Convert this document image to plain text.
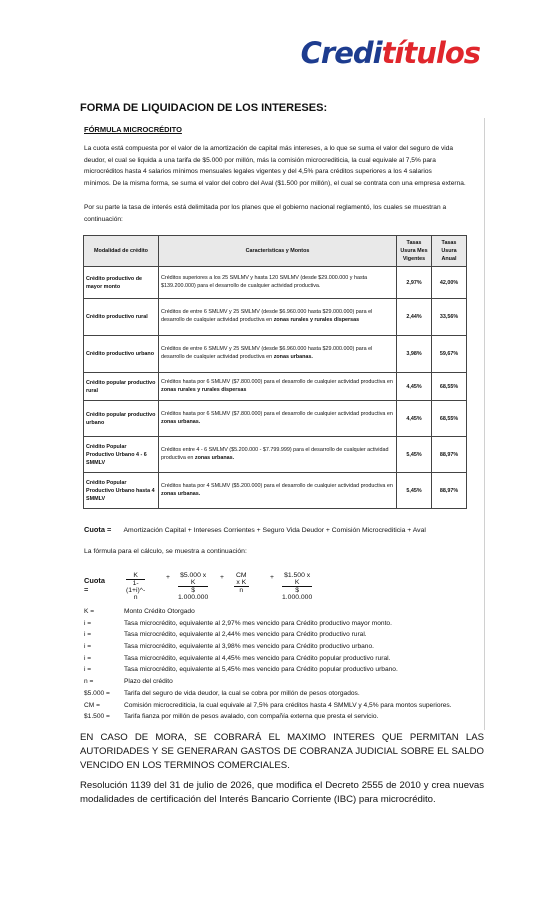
Creditítulos
FORMA DE LIQUIDACION DE LOS INTERESES:
FÓRMULA MICROCRÉDITO
La cuota está compuesta por el valor de la amortización de capital más intereses, a lo que se suma el valor del seguro de vida
deudor, el cual se liquida a una tarifa de $5.000 por millón, más la comisión microcrediticia, la cual equivale al 7,5% para
microcréditos hasta 4 salarios mínimos mensuales legales vigentes y del 4,5% para créditos superiores a los 4 salarios
mínimos. De la misma forma, se suma el valor del cobro del Aval ($1.500 por millón), el cual se contrata con una empresa externa.
Por su parte la tasa de interés está delimitada por los planes que el gobierno nacional reglamentó, los cuales se muestran a
continuación:
Modalidad de crédito	Características y Montos	Tasas Usura Mes Vigentes	Tasas Usura Anual
Crédito productivo de mayor monto	Créditos superiores a los 25 SMLMV y hasta 120 SMLMV (desde $29.000.000 y hasta $139.200.000) para el desarrollo de cualquier actividad productiva.	2,97%	42,00%
Crédito productivo rural	Créditos de entre 6 SMLMV y 25 SMLMV (desde $6.960.000 hasta $29.000.000) para el desarrollo de cualquier actividad productiva en zonas rurales y rurales dispersas	2,44%	33,56%
Crédito productivo urbano	Créditos de entre 6 SMLMV y 25 SMLMV (desde $6.960.000 hasta $29.000.000) para el desarrollo de cualquier actividad productiva en zonas urbanas.	3,98%	59,67%
Crédito popular productivo rural	Créditos hasta por 6 SMLMV ($7.800.000) para el desarrollo de cualquier actividad productiva en zonas rurales y rurales dispersas	4,45%	68,55%
Crédito popular productivo urbano	Créditos hasta por 6 SMLMV ($7.800.000) para el desarrollo de cualquier actividad productiva en zonas urbanas.	4,45%	68,55%
Crédito Popular Productivo Urbano 4 - 6 SMMLV	Créditos entre 4 - 6 SMLMV ($5.200.000 - $7.799.999) para el desarrollo de cualquier actividad productiva en zonas urbanas.	5,45%	88,97%
Crédito Popular Productivo Urbano hasta 4 SMMLV	Créditos hasta por 4 SMLMV ($5.200.000) para el desarrollo de cualquier actividad productiva en zonas urbanas.	5,45%	88,97%
Cuota = Amortización Capital + Intereses Corrientes + Seguro Vida Deudor + Comisión Microcrediticia + Aval
La fórmula para el cálculo, se muestra a continuación:
Cuota =	$\frac{K}{1-(1+i)\^{}-n}$	+ $\frac{\text{\$5.000 x K}}{\$ 1.000.000} + \frac{\text{CM x K}}{n}$	+ $\frac{\text{\$1.500 x K}}{\$ 1.000.000}$
K =	Monto Crédito Otorgado
i =	Tasa microcrédito, equivalente al 2,97% mes vencido para Crédito productivo mayor monto.
i =	Tasa microcrédito, equivalente al 2,44% mes vencido para Crédito productivo rural.
i =	Tasa microcrédito, equivalente al 3,98% mes vencido para Crédito productivo urbano.
i =	Tasa microcrédito, equivalente al 4,45% mes vencido para Crédito popular productivo rural.
i =	Tasa microcrédito, equivalente al 5,45% mes vencido para Crédito popular productivo urbano.
n =	Plazo del crédito
$5.000 = Tarifa del seguro de vida deudor, la cual se cobra por millón de pesos otorgados.
CM =	Comisión microcrediticia, la cual equivale al 7,5% para créditos hasta 4 SMMLV y 4,5% para montos superiores.
$1.500 = Tarifa fianza por millón de pesos avalado, con compañía externa que presta el servicio.
EN CASO DE MORA, SE COBRARÁ EL MAXIMO INTERES QUE PERMITAN LAS AUTORIDADES Y SE GENERARAN GASTOS DE COBRANZA JUDICIAL SOBRE EL SALDO VENCIDO EN LOS TERMINOS COMERCIALES.
Resolución 1139 del 31 de julio de 2026, que modifica el Decreto 2555 de 2010 y crea nuevas modalidades de certificación del Interés Bancario Corriente (IBC) para microcrédito.
